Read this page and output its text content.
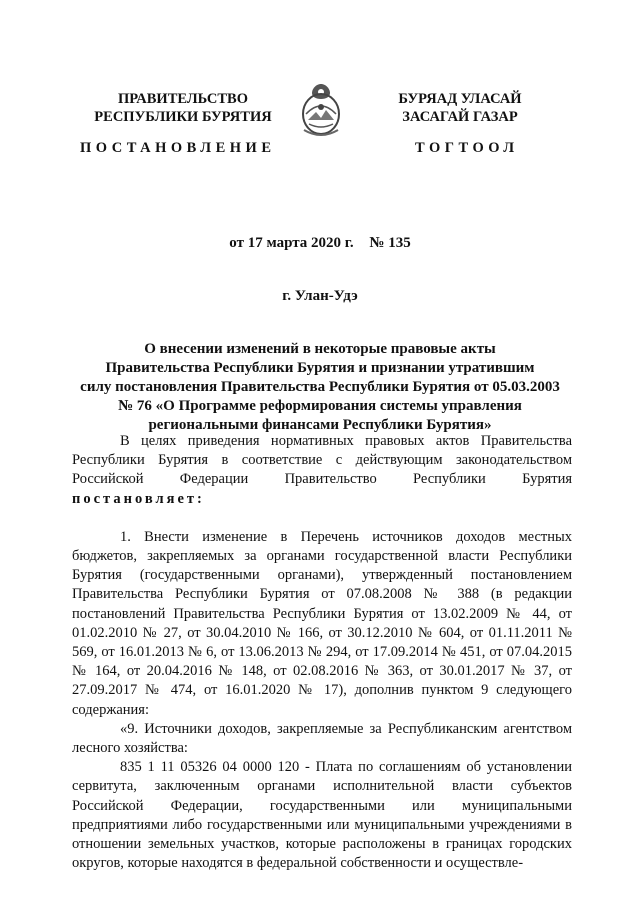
ПРАВИТЕЛЬСТВО
РЕСПУБЛИКИ БУРЯТИЯ
БУРЯАД УЛАСАЙ
ЗАСАГАЙ ГАЗАР
ПОСТАНОВЛЕНИЕ	ТОГТООЛ
от 17 марта 2020 г. № 135
г. Улан-Удэ
О внесении изменений в некоторые правовые акты
Правительства Республики Бурятия и признании утратившим
силу постановления Правительства Республики Бурятия от 05.03.2003
№ 76 «О Программе реформирования системы управления
региональными финансами Республики Бурятия»

В целях приведения нормативных правовых актов Правительства Республики Бурятия в соответствие с действующим законодательством Российской Федерации Правительство Республики Бурятия постановляет:

1. Внести изменение в Перечень источников доходов местных бюджетов, закрепляемых за органами государственной власти Республики Бурятия (государственными органами), утвержденный постановлением Правительства Республики Бурятия от 07.08.2008 № 388 (в редакции постановлений Правительства Республики Бурятия от 13.02.2009 № 44, от 01.02.2010 № 27, от 30.04.2010 № 166, от 30.12.2010 № 604, от 01.11.2011 № 569, от 16.01.2013 № 6, от 13.06.2013 № 294, от 17.09.2014 № 451, от 07.04.2015 № 164, от 20.04.2016 № 148, от 02.08.2016 № 363, от 30.01.2017 № 37, от 27.09.2017 № 474, от 16.01.2020 № 17), дополнив пунктом 9 следующего содержания:

«9. Источники доходов, закрепляемые за Республиканским агентством лесного хозяйства:

835 1 11 05326 04 0000 120 - Плата по соглашениям об установлении сервитута, заключенным органами исполнительной власти субъектов Российской Федерации, государственными или муниципальными предприятиями либо государственными или муниципальными учреждениями в отношении земельных участков, которые расположены в границах городских округов, которые находятся в федеральной собственности и осуществле-
